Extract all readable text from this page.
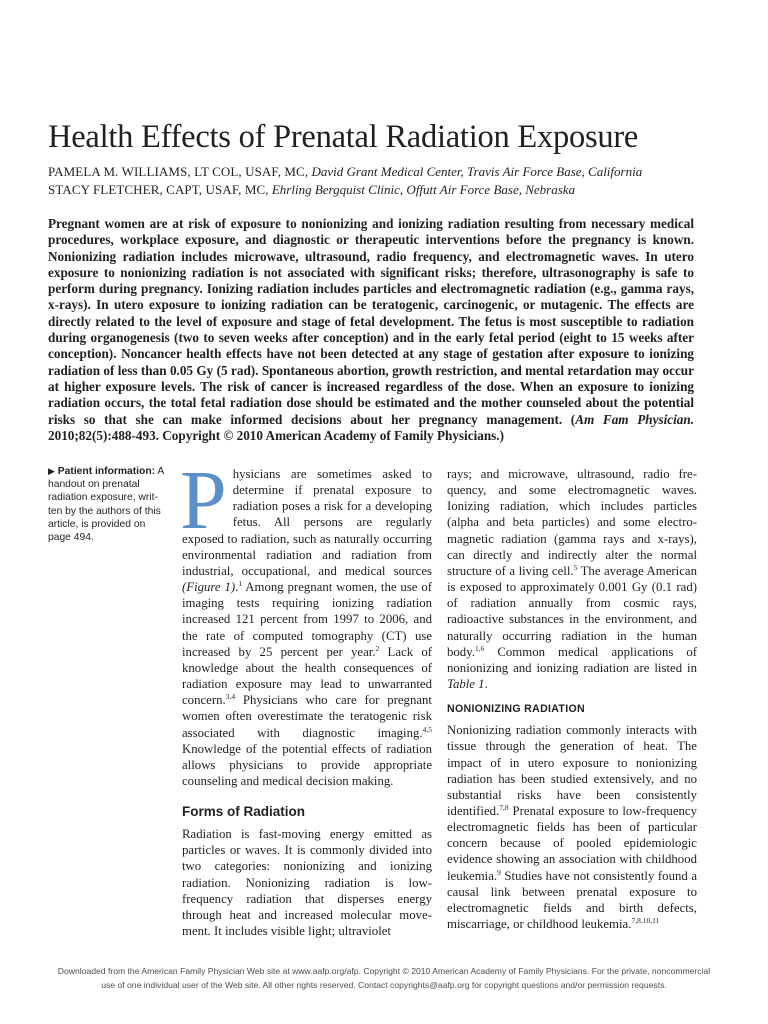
Health Effects of Prenatal Radiation Exposure
PAMELA M. WILLIAMS, LT COL, USAF, MC, David Grant Medical Center, Travis Air Force Base, California
STACY FLETCHER, CAPT, USAF, MC, Ehrling Bergquist Clinic, Offutt Air Force Base, Nebraska
Pregnant women are at risk of exposure to nonionizing and ionizing radiation resulting from necessary medical procedures, workplace exposure, and diagnostic or therapeutic interventions before the pregnancy is known. Nonionizing radiation includes microwave, ultrasound, radio frequency, and electromagnetic waves. In utero exposure to nonionizing radiation is not associated with significant risks; therefore, ultrasonography is safe to perform during pregnancy. Ionizing radiation includes particles and electromagnetic radiation (e.g., gamma rays, x-rays). In utero exposure to ionizing radiation can be teratogenic, carcinogenic, or mutagenic. The effects are directly related to the level of exposure and stage of fetal development. The fetus is most susceptible to radiation during organogenesis (two to seven weeks after conception) and in the early fetal period (eight to 15 weeks after conception). Noncancer health effects have not been detected at any stage of gestation after exposure to ionizing radiation of less than 0.05 Gy (5 rad). Spontaneous abortion, growth restriction, and mental retardation may occur at higher exposure levels. The risk of cancer is increased regardless of the dose. When an exposure to ionizing radiation occurs, the total fetal radiation dose should be estimated and the mother counseled about the potential risks so that she can make informed decisions about her pregnancy management. (Am Fam Physician. 2010;82(5):488-493. Copyright © 2010 American Academy of Family Physicians.)
▶ Patient information: A handout on prenatal radiation exposure, written by the authors of this article, is provided on page 494.	Physicians are sometimes asked to determine if prenatal exposure to radiation poses a risk for a developing fetus. All persons are regularly exposed to radiation, such as naturally occurring environmental radiation and radiation from industrial, occupational, and medical sources (Figure 1).$^1$ Among pregnant women, the use of imaging tests requiring ionizing radiation increased 121 percent from 1997 to 2006, and the rate of computed tomography (CT) use increased by 25 percent per year.$^2$ Lack of knowledge about the health consequences of radiation exposure may lead to unwarranted concern.$^{3,4}$ Physicians who care for pregnant women often overestimate the teratogenic risk associated with diagnostic imaging.$^{4,5}$ Knowledge of the potential effects of radiation allows physicians to provide appropriate counseling and medical decision making.

Forms of Radiation

Radiation is fast-moving energy emitted as particles or waves. It is commonly divided into two categories: nonionizing and ionizing radiation. Nonionizing radiation is low-frequency radiation that disperses energy through heat and increased molecular movement. It includes visible light; ultraviolet

rays; and microwave, ultrasound, radio frequency, and some electromagnetic waves. Ionizing radiation, which includes particles (alpha and beta particles) and some electromagnetic radiation (gamma rays and x-rays), can directly and indirectly alter the normal structure of a living cell.$^5$ The average American is exposed to approximately 0.001 Gy (0.1 rad) of radiation annually from cosmic rays, radioactive substances in the environment, and naturally occurring radiation in the human body.$^{1,6}$ Common medical applications of nonionizing and ionizing radiation are listed in Table 1.

NONIONIZING RADIATION

Nonionizing radiation commonly interacts with tissue through the generation of heat. The impact of in utero exposure to nonionizing radiation has been studied extensively, and no substantial risks have been consistently identified.$^{7,8}$ Prenatal exposure to low-frequency electromagnetic fields has been of particular concern because of pooled epidemiologic evidence showing an association with childhood leukemia.$^9$ Studies have not consistently found a causal link between prenatal exposure to electromagnetic fields and birth defects, miscarriage, or childhood leukemia.$^{7,8,10,11}$

Downloaded from the American Family Physician Web site at www.aafp.org/afp. Copyright © 2010 American Academy of Family Physicians. For the private, noncommercial
use of one individual user of the Web site. All other rights reserved. Contact copyrights@aafp.org for copyright questions and/or permission requests.
